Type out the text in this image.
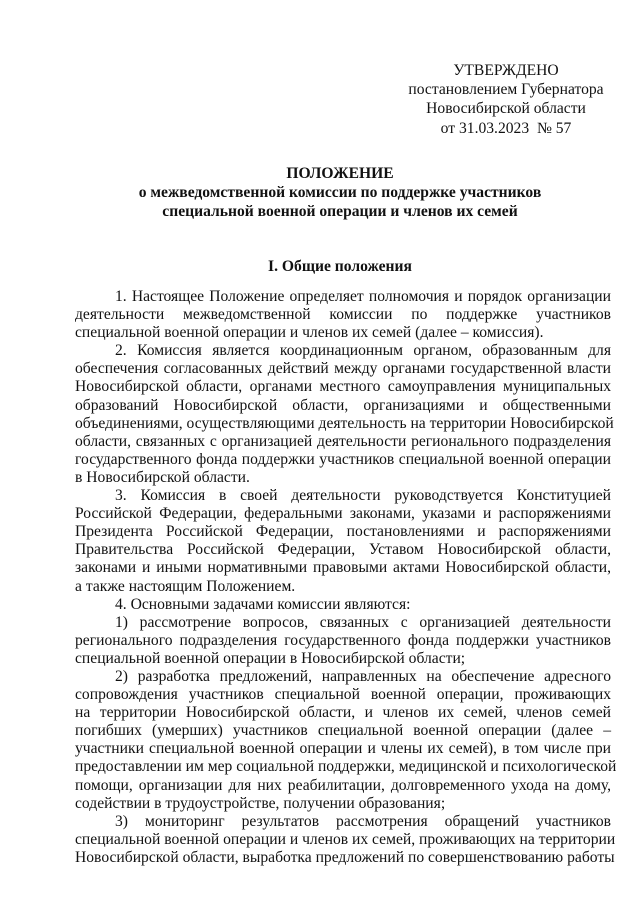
УТВЕРЖДЕНО
постановлением Губернатора
Новосибирской области
от 31.03.2023  № 57
ПОЛОЖЕНИЕ
о межведомственной комиссии по поддержке участников
специальной военной операции и членов их семей
I. Общие положения

1. Настоящее Положение определяет полномочия и порядок организации

деятельности межведомственной комиссии по поддержке участников

специальной военной операции и членов их семей (далее – комиссия).

2. Комиссия является координационным органом, образованным для

обеспечения согласованных действий между органами государственной власти

Новосибирской области, органами местного самоуправления муниципальных

образований Новосибирской области, организациями и общественными

объединениями, осуществляющими деятельность на территории Новосибирской

области, связанных с организацией деятельности регионального подразделения

государственного фонда поддержки участников специальной военной операции

в Новосибирской области.

3. Комиссия в своей деятельности руководствуется Конституцией

Российской Федерации, федеральными законами, указами и распоряжениями

Президента Российской Федерации, постановлениями и распоряжениями

Правительства Российской Федерации, Уставом Новосибирской области,

законами и иными нормативными правовыми актами Новосибирской области,

а также настоящим Положением.

4. Основными задачами комиссии являются:

1) рассмотрение вопросов, связанных с организацией деятельности

регионального подразделения государственного фонда поддержки участников

специальной военной операции в Новосибирской области;

2) разработка предложений, направленных на обеспечение адресного

сопровождения участников специальной военной операции, проживающих

на территории Новосибирской области, и членов их семей, членов семей

погибших (умерших) участников специальной военной операции (далее –

участники специальной военной операции и члены их семей), в том числе при

предоставлении им мер социальной поддержки, медицинской и психологической

помощи, организации для них реабилитации, долговременного ухода на дому,

содействии в трудоустройстве, получении образования;

3) мониторинг результатов рассмотрения обращений участников

специальной военной операции и членов их семей, проживающих на территории

Новосибирской области, выработка предложений по совершенствованию работы
